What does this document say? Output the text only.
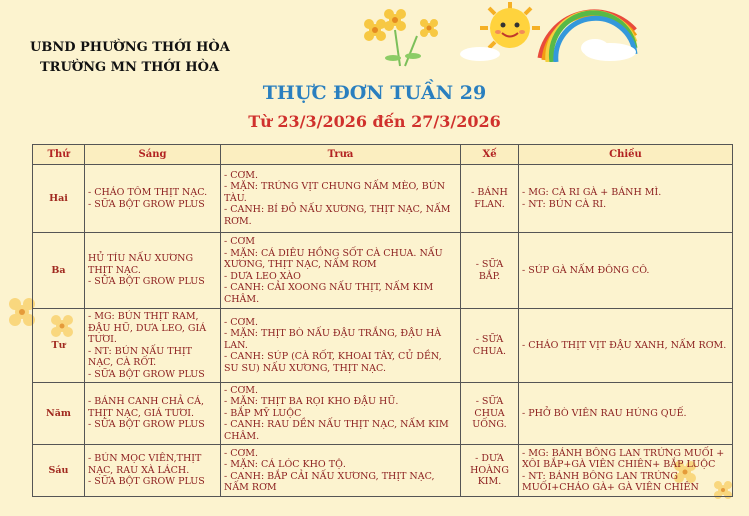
UBND PHƯỜNG THỚI HÒA
TRƯỜNG MN THỚI HÒA
THỰC ĐƠN TUẦN 29
Từ 23/3/2026 đến 27/3/2026
Thứ	Sáng	Trưa	Xế	Chiều
Hai	- CHÁO TÔM THỊT NẠC.
- SỮA BỘT GROW PLUS	- CƠM.
- MẶN: TRỨNG VỊT CHUNG NẤM MÈO, BÚN TÀU.
- CANH: BÍ ĐỎ NẤU XƯƠNG, THỊT NẠC, NẤM RƠM.	- BÁNH
FLAN.	- MG: CÀ RI GÀ + BÁNH MÌ.
- NT: BÚN CÀ RI.

Ba	HỦ TÍU NẤU XƯƠNG THỊT NẠC.
- SỮA BỘT GROW PLUS	- CƠM
- MẶN: CÁ DIÊU HỒNG SỐT CÀ CHUA. NẤU XƯƠNG, THỊT NẠC, NẤM RƠM
- DƯA LEO XÀO
- CANH: CẢI XOONG NẤU THỊT, NẤM KIM CHÂM.	- SỮA
BẮP.	- SÚP GÀ NẤM ĐÔNG CÔ.

Tư	- MG: BÚN THỊT RAM, ĐẬU HŨ, DƯA LEO, GIÁ TƯƠI.
- NT: BÚN NẤU THỊT NẠC, CÀ RỐT.
- SỮA BỘT GROW PLUS	- CƠM.
- MẶN: THỊT BÒ NẤU ĐẬU TRẮNG, ĐẬU HÀ LAN.
- CANH: SÚP (CÀ RỐT, KHOAI TÂY, CỦ DỀN, SU SU) NẤU XƯƠNG, THỊT NẠC.	- SỮA
CHUA.	- CHÁO THỊT VỊT ĐẬU XANH, NẤM RƠM.

Năm	- BÁNH CANH CHẢ CÁ, THỊT NẠC, GIÁ TƯƠI.
- SỮA BỘT GROW PLUS	- CƠM.
- MẶN: THỊT BA RỌI KHO ĐẬU HŨ.
- BẮP MỸ LUỘC
- CANH: RAU DỀN NẤU THỊT NẠC, NẤM KIM CHÂM.	- SỮA
CHUA
UỐNG.	- PHỞ BÒ VIÊN RAU HÚNG QUẾ.

Sáu	- BÚN MỌC VIÊN,THỊT NẠC, RAU XÀ LÁCH.
- SỮA BỘT GROW PLUS	- CƠM.
- MẶN: CÁ LÓC KHO TỘ.
- CANH: BẮP CẢI NẤU XƯƠNG, THỊT NẠC, NẤM RƠM	- DƯA
HOÀNG
KIM.	- MG: BÁNH BÔNG LAN TRỨNG MUỐI + XÔI BẮP+GÀ VIÊN CHIÊN+ BẮP LUỘC
- NT: BÁNH BÔNG LAN TRỨNG MUỐI+CHÁO GÀ+ GÀ VIÊN CHIÊN
